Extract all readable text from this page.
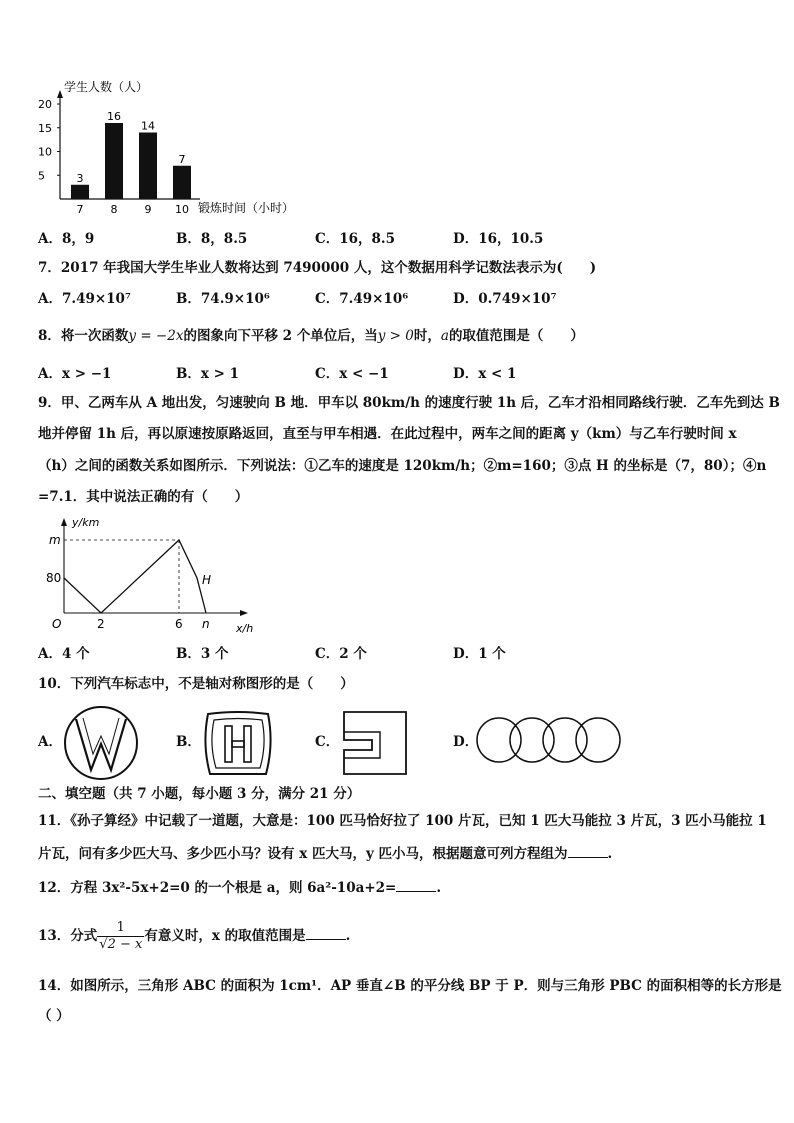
学生人数（人）
20
15
10
5	3
7
16
8
14
9
7
10 锻炼时间（小时）
A．8，9	B．8，8.5	C．16，8.5	D．16，10.5
7．2017 年我国大学生毕业人数将达到 7490000 人，这个数据用科学记数法表示为(　　)
A．7.49×10⁷	B．74.9×10⁶	C．7.49×10⁶	D．0.749×10⁷
8．将一次函数y = −2x的图象向下平移 2 个单位后，当y > 0时，a的取值范围是（　　）
A．x > −1	B．x > 1	C．x < −1	D．x < 1
9．甲、乙两车从 A 地出发，匀速驶向 B 地．甲车以 80km/h 的速度行驶 1h 后，乙车才沿相同路线行驶．乙车先到达 B
地并停留 1h 后，再以原速按原路返回，直至与甲车相遇．在此过程中，两车之间的距离 y（km）与乙车行驶时间 x
（h）之间的函数关系如图所示．下列说法：①乙车的速度是 120km/h；②m=160；③点 H 的坐标是（7，80）；④n
=7.1．其中说法正确的有（　　）
y/km
x/h
m
80
O	2	6 n
H
A．4 个	B．3 个	C．2 个	D．1 个
10．下列汽车标志中，不是轴对称图形的是（　　）
A．	B．	C．	D．
二、填空题（共 7 小题，每小题 3 分，满分 21 分）
11．《孙子算经》中记载了一道题，大意是：100 匹马恰好拉了 100 片瓦，已知 1 匹大马能拉 3 片瓦，3 匹小马能拉 1
片瓦，问有多少匹大马、多少匹小马？设有 x 匹大马，y 匹小马，根据题意可列方程组为	.
12．方程 3x²-5x+2=0 的一个根是 a，则 6a²-10a+2=	.
13．分式 $\frac{1}{√2 - x}$ 有意义时，x 的取值范围是	.
14．如图所示，三角形 ABC 的面积为 1cm¹．AP 垂直∠B 的平分线 BP 于 P．则与三角形 PBC 的面积相等的长方形是
（ ）
